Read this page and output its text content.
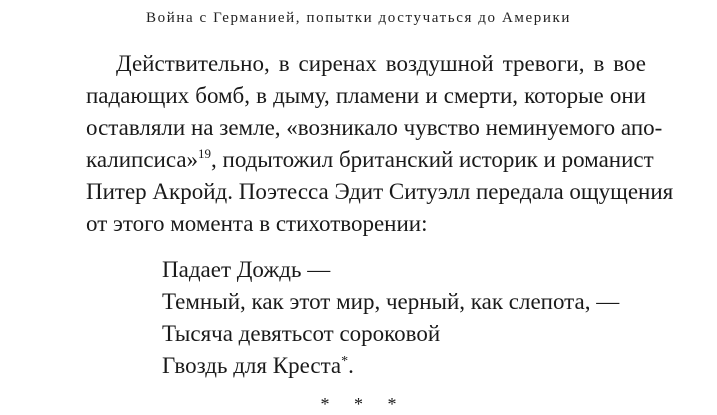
Война с Германией, попытки достучаться до Америки

Действительно, в сиренах воздушной тревоги, в вое
падающих бомб, в дыму, пламени и смерти, которые они
оставляли на земле, «возникало чувство неминуемого апо-
калипсиса»$^{19}$, подытожил британский историк и романист
Питер Акройд. Поэтесса Эдит Ситуэлл передала ощущения
от этого момента в стихотворении:

Падает Дождь —
Темный, как этот мир, черный, как слепота, —
Тысяча девятьсот сороковой
Гвоздь для Креста*.
* * *
